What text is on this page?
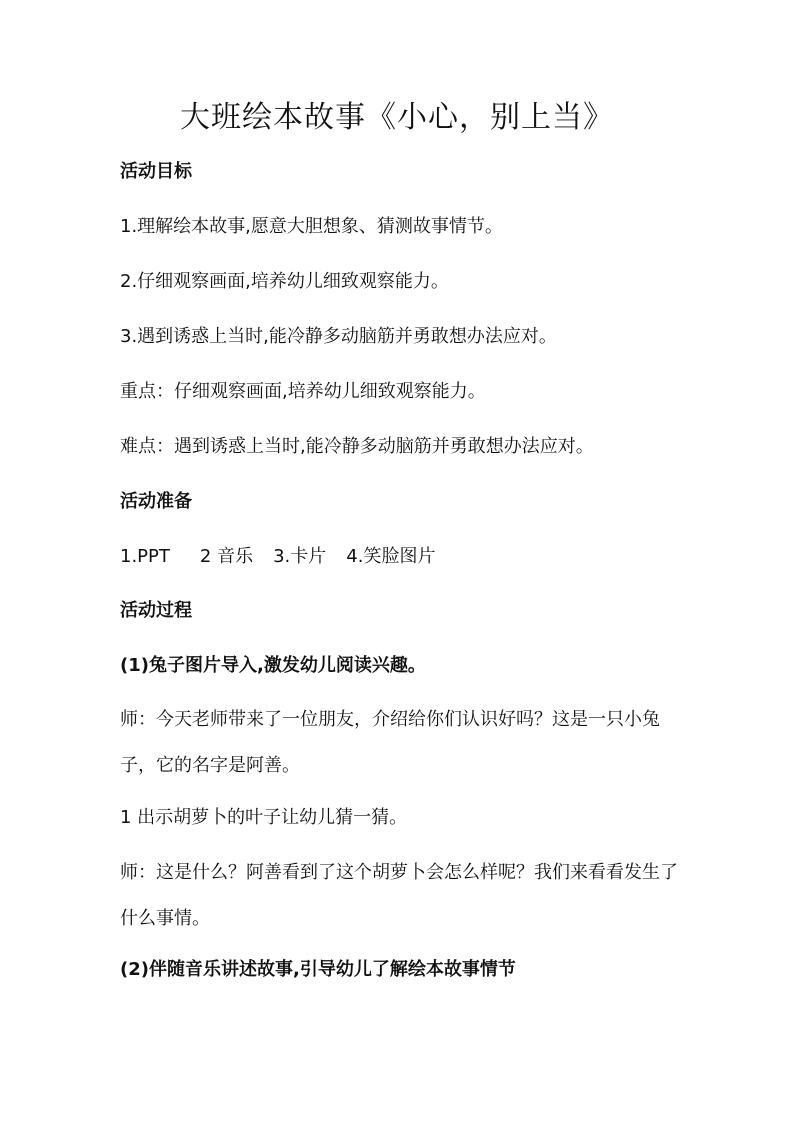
大班绘本故事《小心，别上当》
活动目标
1.理解绘本故事,愿意大胆想象、猜测故事情节。
2.仔细观察画面,培养幼儿细致观察能力。
3.遇到诱惑上当时,能冷静多动脑筋并勇敢想办法应对。
重点：仔细观察画面,培养幼儿细致观察能力。
难点：遇到诱惑上当时,能冷静多动脑筋并勇敢想办法应对。
活动准备
1.PPT 2 音乐 3.卡片 4.笑脸图片
活动过程
(1)兔子图片导入,激发幼儿阅读兴趣。
师：今天老师带来了一位朋友，介绍给你们认识好吗？这是一只小兔子，它的名字是阿善。
1 出示胡萝卜的叶子让幼儿猜一猜。
师：这是什么？阿善看到了这个胡萝卜会怎么样呢？我们来看看发生了什么事情。
(2)伴随音乐讲述故事,引导幼儿了解绘本故事情节
